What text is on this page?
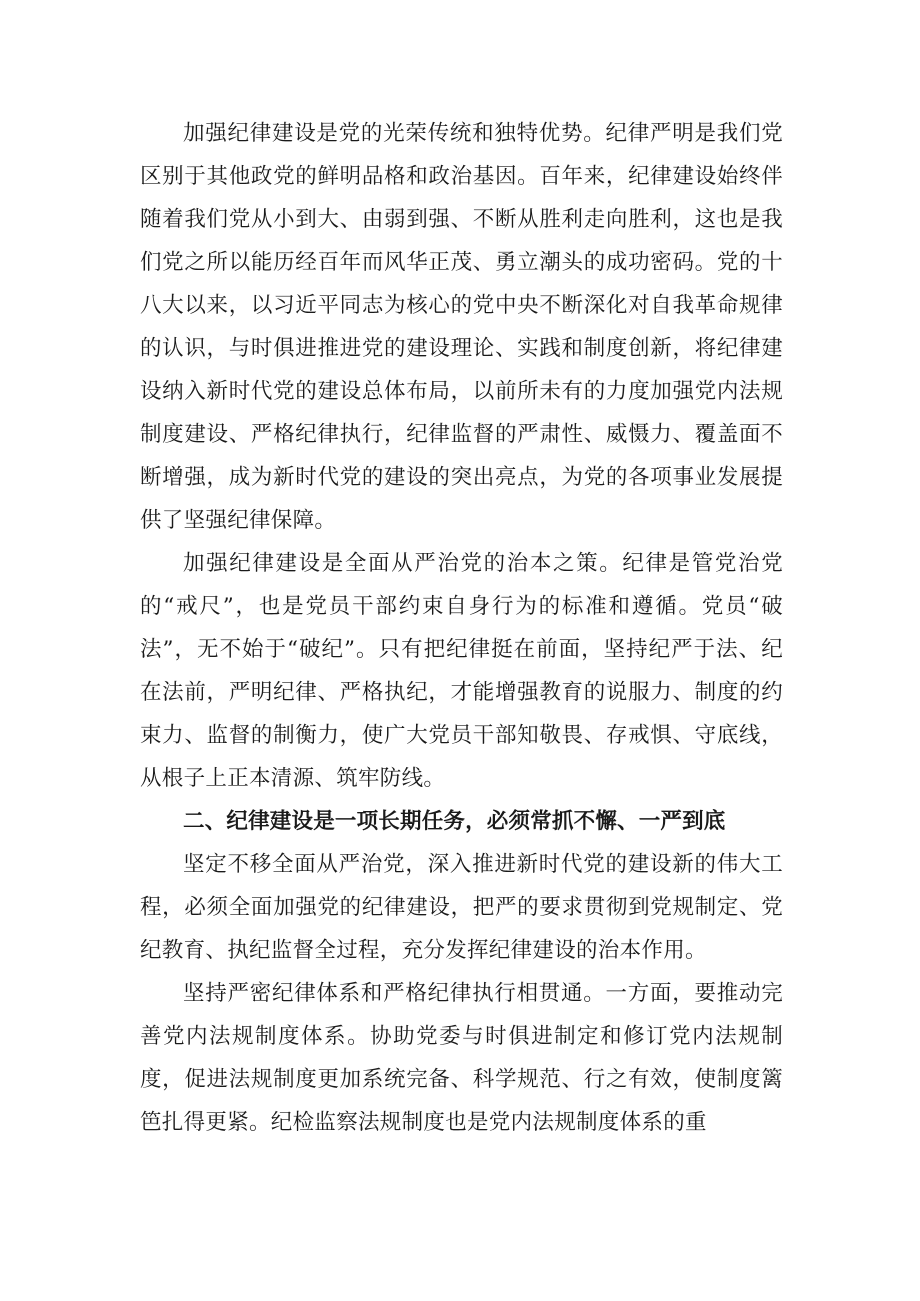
加强纪律建设是党的光荣传统和独特优势。纪律严明是我们党区别于其他政党的鲜明品格和政治基因。百年来，纪律建设始终伴随着我们党从小到大、由弱到强、不断从胜利走向胜利，这也是我们党之所以能历经百年而风华正茂、勇立潮头的成功密码。党的十八大以来，以习近平同志为核心的党中央不断深化对自我革命规律的认识，与时俱进推进党的建设理论、实践和制度创新，将纪律建设纳入新时代党的建设总体布局，以前所未有的力度加强党内法规制度建设、严格纪律执行，纪律监督的严肃性、威慑力、覆盖面不断增强，成为新时代党的建设的突出亮点，为党的各项事业发展提供了坚强纪律保障。

加强纪律建设是全面从严治党的治本之策。纪律是管党治党的“戒尺”，也是党员干部约束自身行为的标准和遵循。党员“破法”，无不始于“破纪”。只有把纪律挺在前面，坚持纪严于法、纪在法前，严明纪律、严格执纪，才能增强教育的说服力、制度的约束力、监督的制衡力，使广大党员干部知敬畏、存戒惧、守底线，从根子上正本清源、筑牢防线。

二、纪律建设是一项长期任务，必须常抓不懈、一严到底

坚定不移全面从严治党，深入推进新时代党的建设新的伟大工程，必须全面加强党的纪律建设，把严的要求贯彻到党规制定、党纪教育、执纪监督全过程，充分发挥纪律建设的治本作用。

坚持严密纪律体系和严格纪律执行相贯通。一方面，要推动完善党内法规制度体系。协助党委与时俱进制定和修订党内法规制度，促进法规制度更加系统完备、科学规范、行之有效，使制度篱笆扎得更紧。纪检监察法规制度也是党内法规制度体系的重
